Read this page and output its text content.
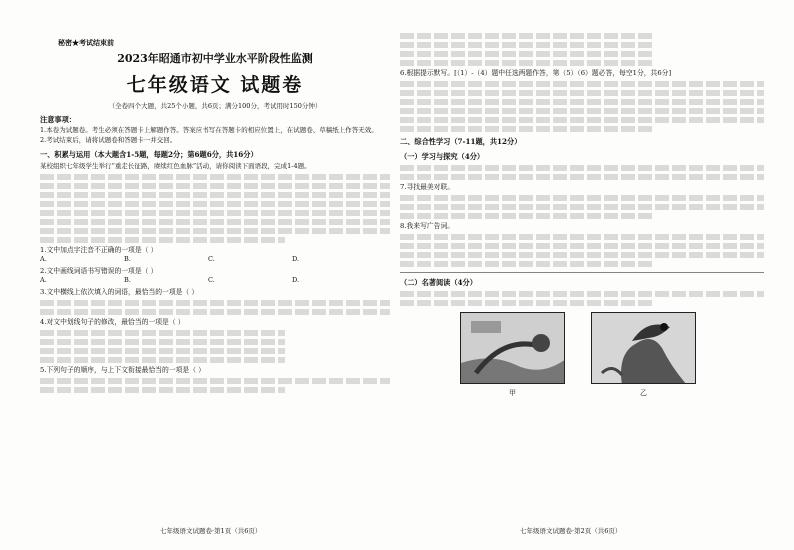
秘密★考试结束前
2023年昭通市初中学业水平阶段性监测
七年级语文 试题卷
（全卷四个大题，共25个小题，共6页；满分100分，考试用时150分钟）
注意事项：
1.本卷为试题卷。考生必须在答题卡上解题作答。答案应书写在答题卡的相应位置上，在试题卷、草稿纸上作答无效。
2.考试结束后，请将试题卷和答题卡一并交回。
一、积累与运用（本大题含1-5题，每题2分；第6题6分，共16分）
某校组织七年级学生举行“重走长征路，赓续红色血脉”活动，请你阅读下面语段，完成1-4题。
1.文中加点字注音不正确的一项是（ ）
A.	B.	C.	D.
2.文中画线词语书写错误的一项是（ ）
A.	B.	C.	D.
3.文中横线上依次填入的词语，最恰当的一项是（ ）
4.对文中划线句子的修改，最恰当的一项是（ ）
5.下列句子的顺序，与上下文衔接最恰当的一项是（ ）
七年级语文试题卷·第1页（共6页）
6.根据提示默写。[（1）-（4）题中任选两题作答，第（5）（6）题必答，每空1分，共6分]
二、综合性学习（7-11题，共12分）
（一）学习与探究（4分）
7.寻找最美对联。
8.我来写广告词。
（二）名著阅读（4分）
甲	乙
七年级语文试题卷·第2页（共6页）
